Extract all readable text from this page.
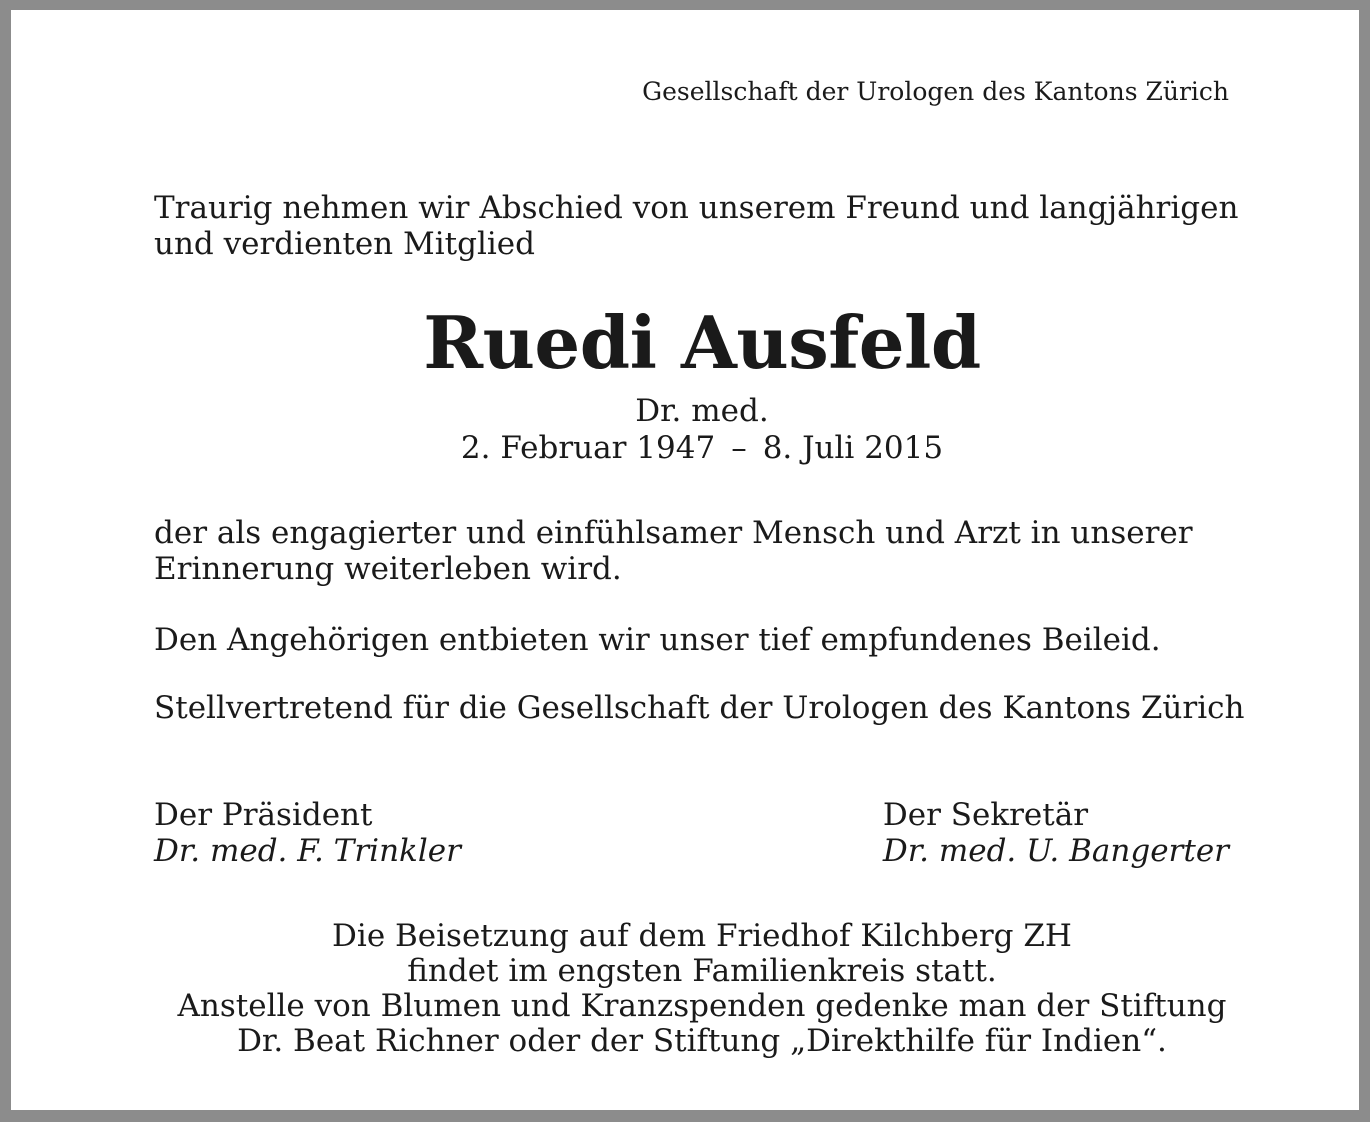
Gesellschaft der Urologen des Kantons Zürich
Traurig nehmen wir Abschied von unserem Freund und langjährigen
und verdienten Mitglied
Ruedi Ausfeld
Dr. med.
2. Februar 1947 – 8. Juli 2015
der als engagierter und einfühlsamer Mensch und Arzt in unserer
Erinnerung weiterleben wird.
Den Angehörigen entbieten wir unser tief empfundenes Beileid.
Stellvertretend für die Gesellschaft der Urologen des Kantons Zürich
Der Präsident
Dr. med. F. Trinkler
Der Sekretär
Dr. med. U. Bangerter
Die Beisetzung auf dem Friedhof Kilchberg ZH
findet im engsten Familienkreis statt.
Anstelle von Blumen und Kranzspenden gedenke man der Stiftung
Dr. Beat Richner oder der Stiftung „Direkthilfe für Indien“.
